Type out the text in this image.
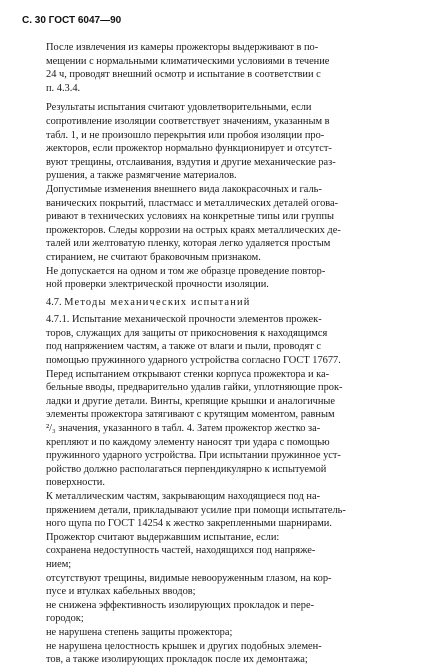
С. 30 ГОСТ 6047—90
После извлечения из камеры прожекторы выдерживают в по-
мещении с нормальными климатическими условиями в течение
24 ч, проводят внешний осмотр и испытание в соответствии с
п. 4.3.4.
Результаты испытания считают удовлетворительными, если
сопротивление изоляции соответствует значениям, указанным в
табл. 1, и не произошло перекрытия или пробоя изоляции про-
жекторов, если прожектор нормально функционирует и отсутст-
вуют трещины, отслаивания, вздутия и другие механические раз-
рушения, а также размягчение материалов.
Допустимые изменения внешнего вида лакокрасочных и галь-
ванических покрытий, пластмасс и металлических деталей огова-
ривают в технических условиях на конкретные типы или группы
прожекторов. Следы коррозии на острых краях металлических де-
талей или желтоватую пленку, которая легко удаляется простым
стиранием, не считают браковочным признаком.
Не допускается на одном и том же образце проведение повтор-
ной проверки электрической прочности изоляции.
4.7. Методы механических испытаний
4.7.1. Испытание механической прочности элементов прожек-
торов, служащих для защиты от прикосновения к находящимся
под напряжением частям, а также от влаги и пыли, проводят с
помощью пружинного ударного устройства согласно ГОСТ 17677.
Перед испытанием открывают стенки корпуса прожектора и ка-
бельные вводы, предварительно удалив гайки, уплотняющие прок-
ладки и другие детали. Винты, крепящие крышки и аналогичные
элементы прожектора затягивают с крутящим моментом, равным
²/₃ значения, указанного в табл. 4. Затем прожектор жестко за-
крепляют и по каждому элементу наносят три удара с помощью
пружинного ударного устройства. При испытании пружинное уст-
ройство должно располагаться перпендикулярно к испытуемой
поверхности.
К металлическим частям, закрывающим находящиеся под на-
пряжением детали, прикладывают усилие при помощи испытатель-
ного щупа по ГОСТ 14254 к жестко закрепленными шарнирами.
Прожектор считают выдержавшим испытание, если:
сохранена недоступность частей, находящихся под напряже-
нием;
отсутствуют трещины, видимые невооруженным глазом, на кор-
пусе и втулках кабельных вводов;
не снижена эффективность изолирующих прокладок и пере-
городок;
не нарушена степень защиты прожектора;
не нарушена целостность крышек и других подобных элемен-
тов, а также изолирующих прокладок после их демонтажа;
